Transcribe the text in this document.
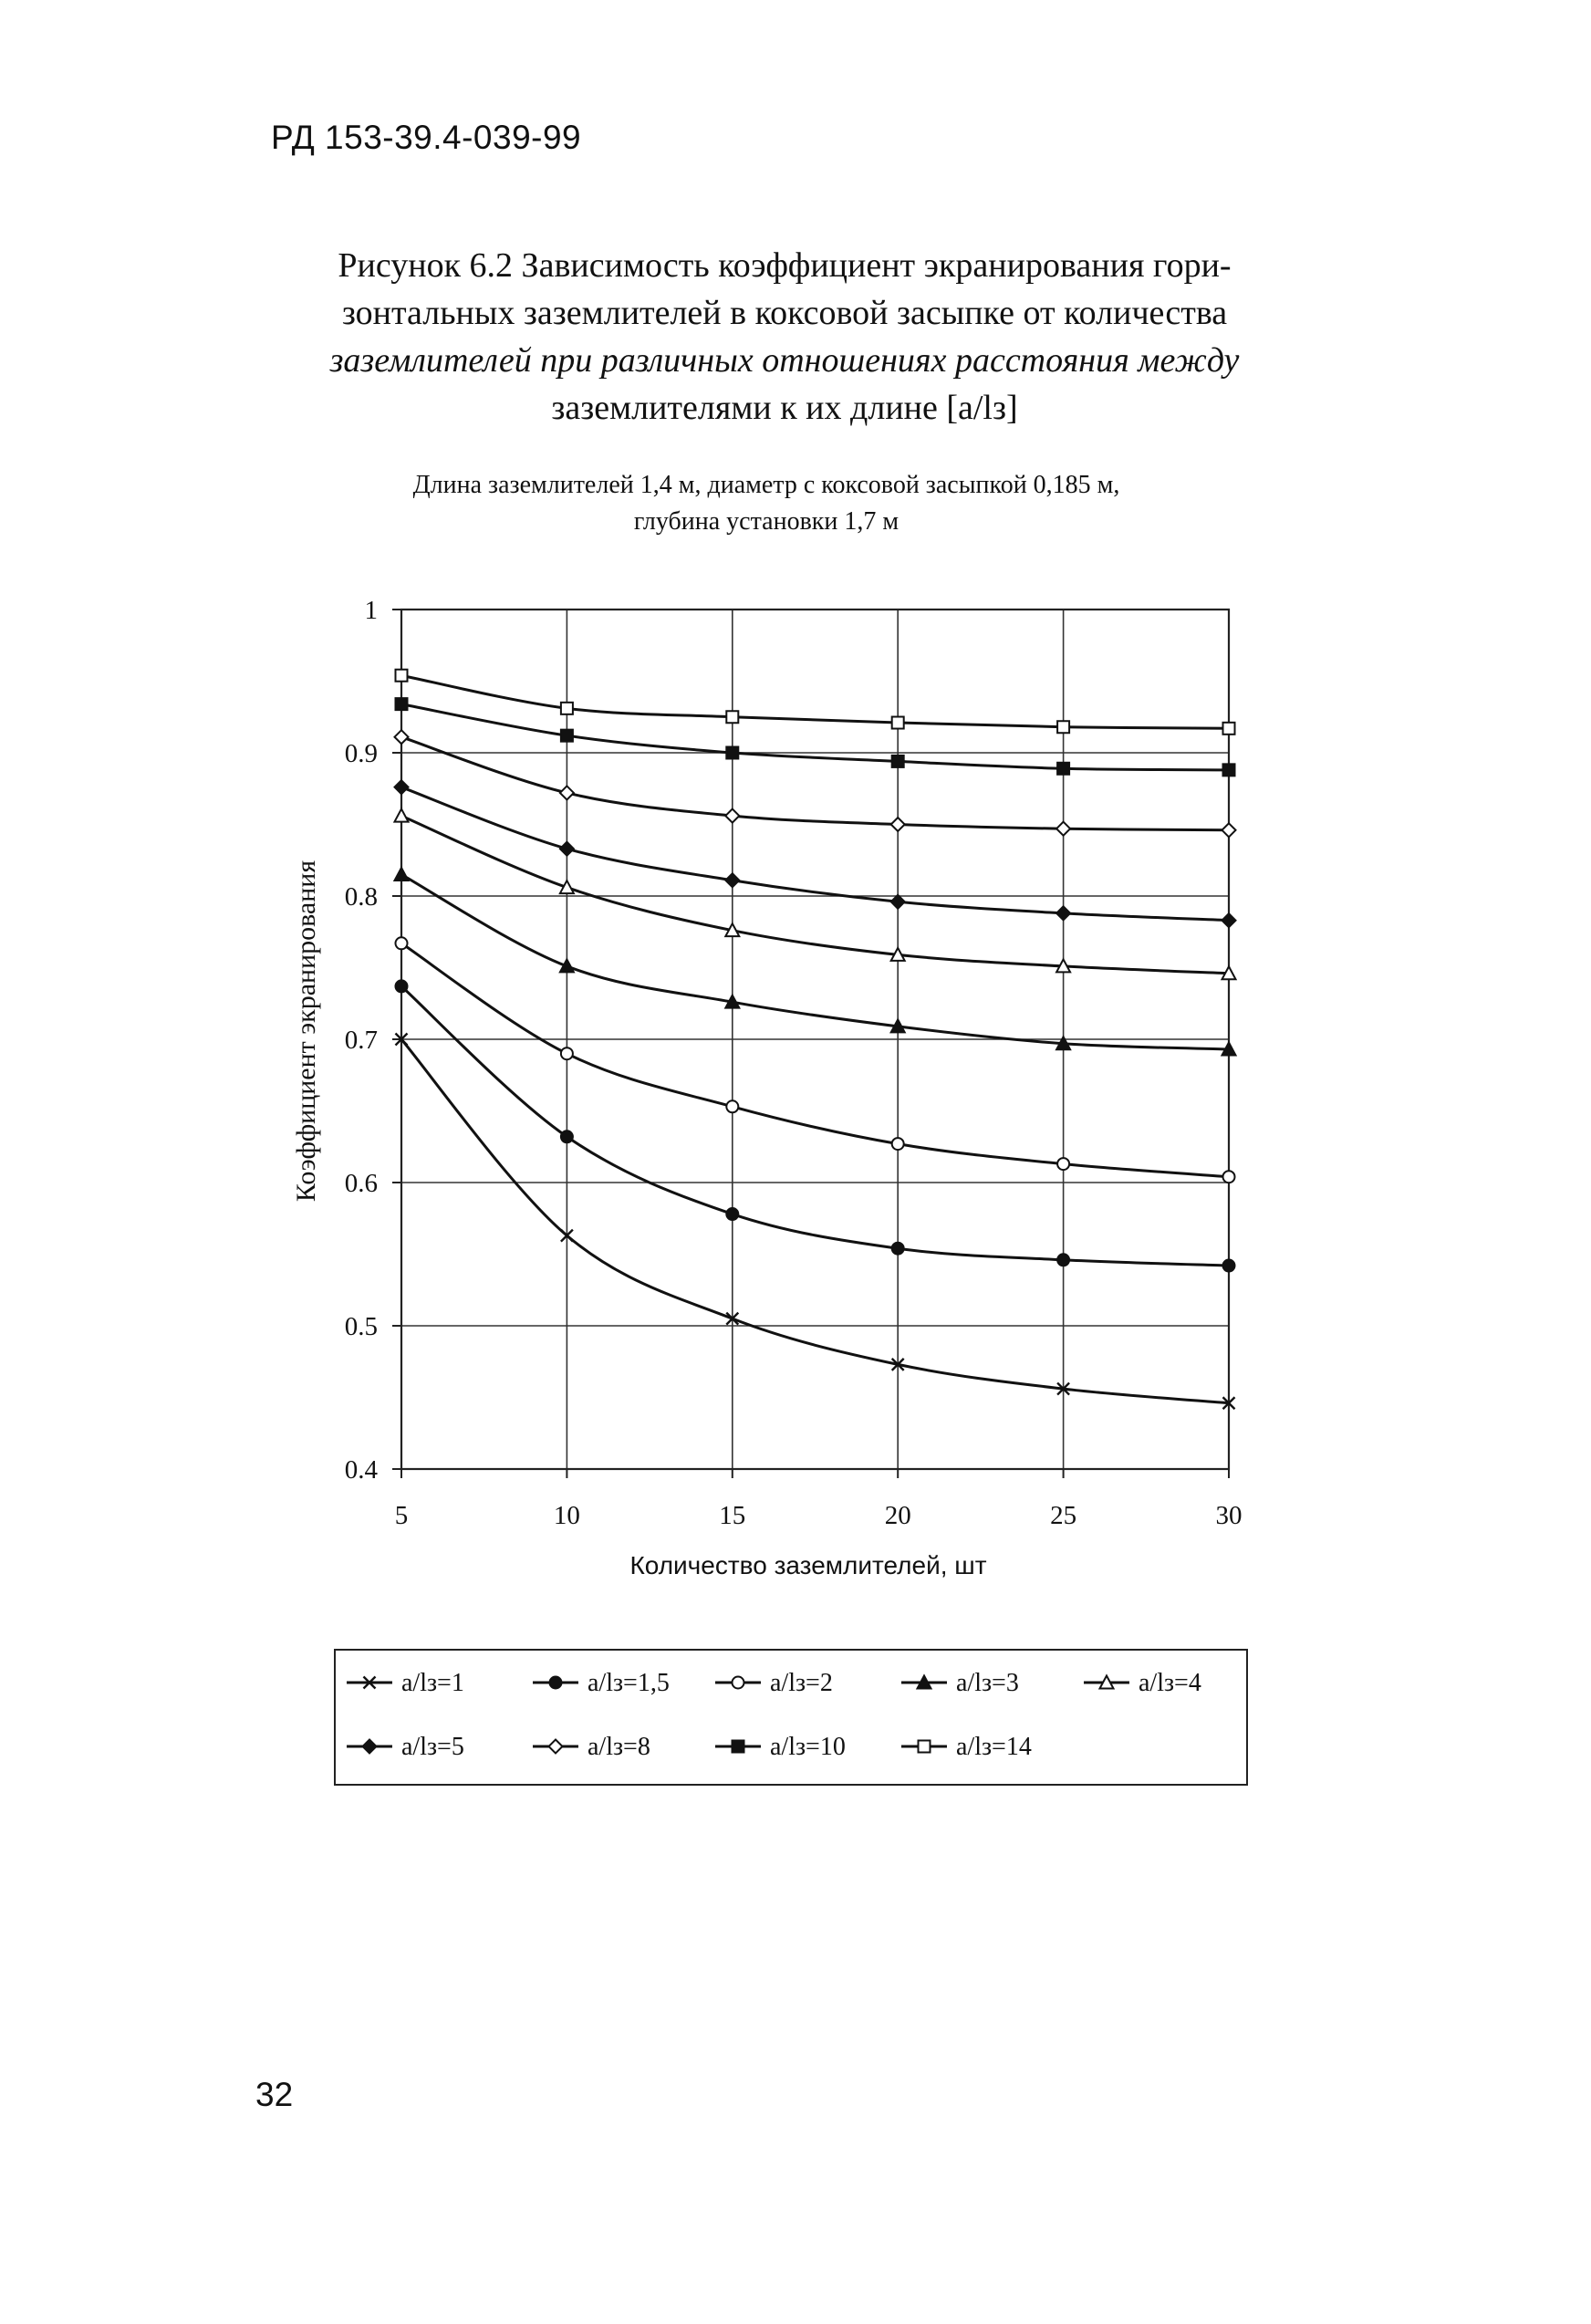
РД 153-39.4-039-99
Рисунок 6.2 Зависимость коэффициент экранирования гори-
зонтальных заземлителей в коксовой засыпке от количества
заземлителей при различных отношениях расстояния между
заземлителями к их длине [a/lз]
Длина заземлителей 1,4 м, диаметр с коксовой засыпкой 0,185 м,
глубина установки 1,7 м
1
0.9
0.8
0.7
0.6
0.5
0.4
5	10	15	20	25	30
Коэффициент экранирования
Количество заземлителей, шт
a/lз=1	a/lз=1,5	a/lз=2	a/lз=3	a/lз=4
a/lз=5	a/lз=8	a/lз=10	a/lз=14
32
